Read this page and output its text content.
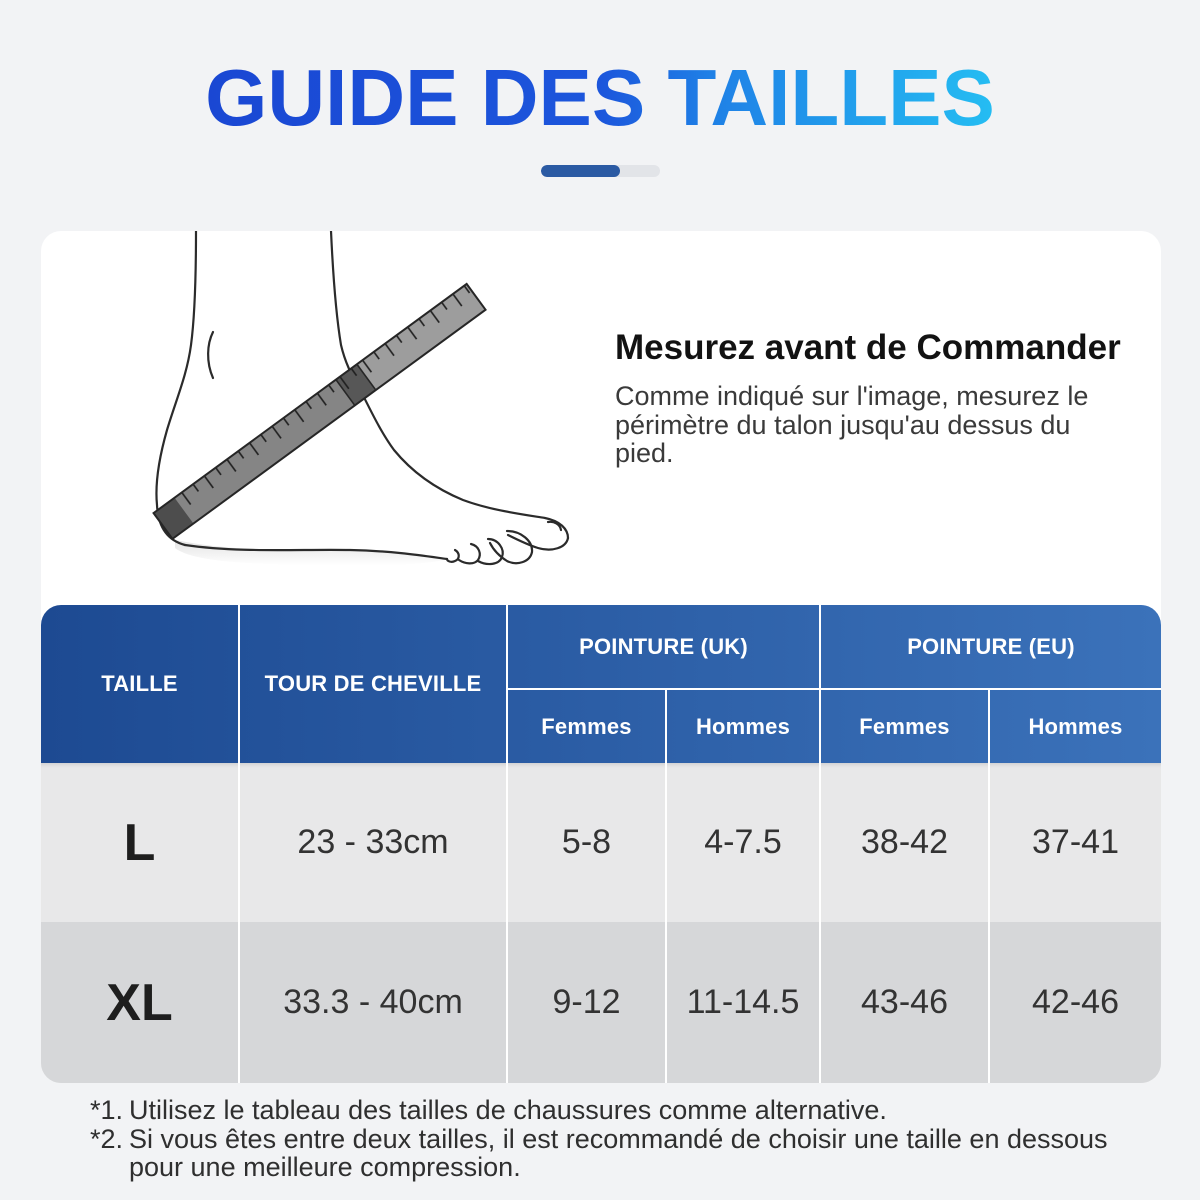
GUIDE DES TAILLES
Mesurez avant de Commander

Comme indiqué sur l'image, mesurez le périmètre du talon jusqu'au dessus du pied.

TAILLE	TOUR DE CHEVILLE
POINTURE (UK)	POINTURE (EU)
Femmes	Hommes	Femmes	Hommes
L	23 - 33cm	5-8	4-7.5	38-42	37-41
XL	33.3 - 40cm	9-12	11-14.5	43-46	42-46
*1. Utilisez le tableau des tailles de chaussures comme alternative.
*2. Si vous êtes entre deux tailles, il est recommandé de choisir une taille en dessous pour une meilleure compression.
